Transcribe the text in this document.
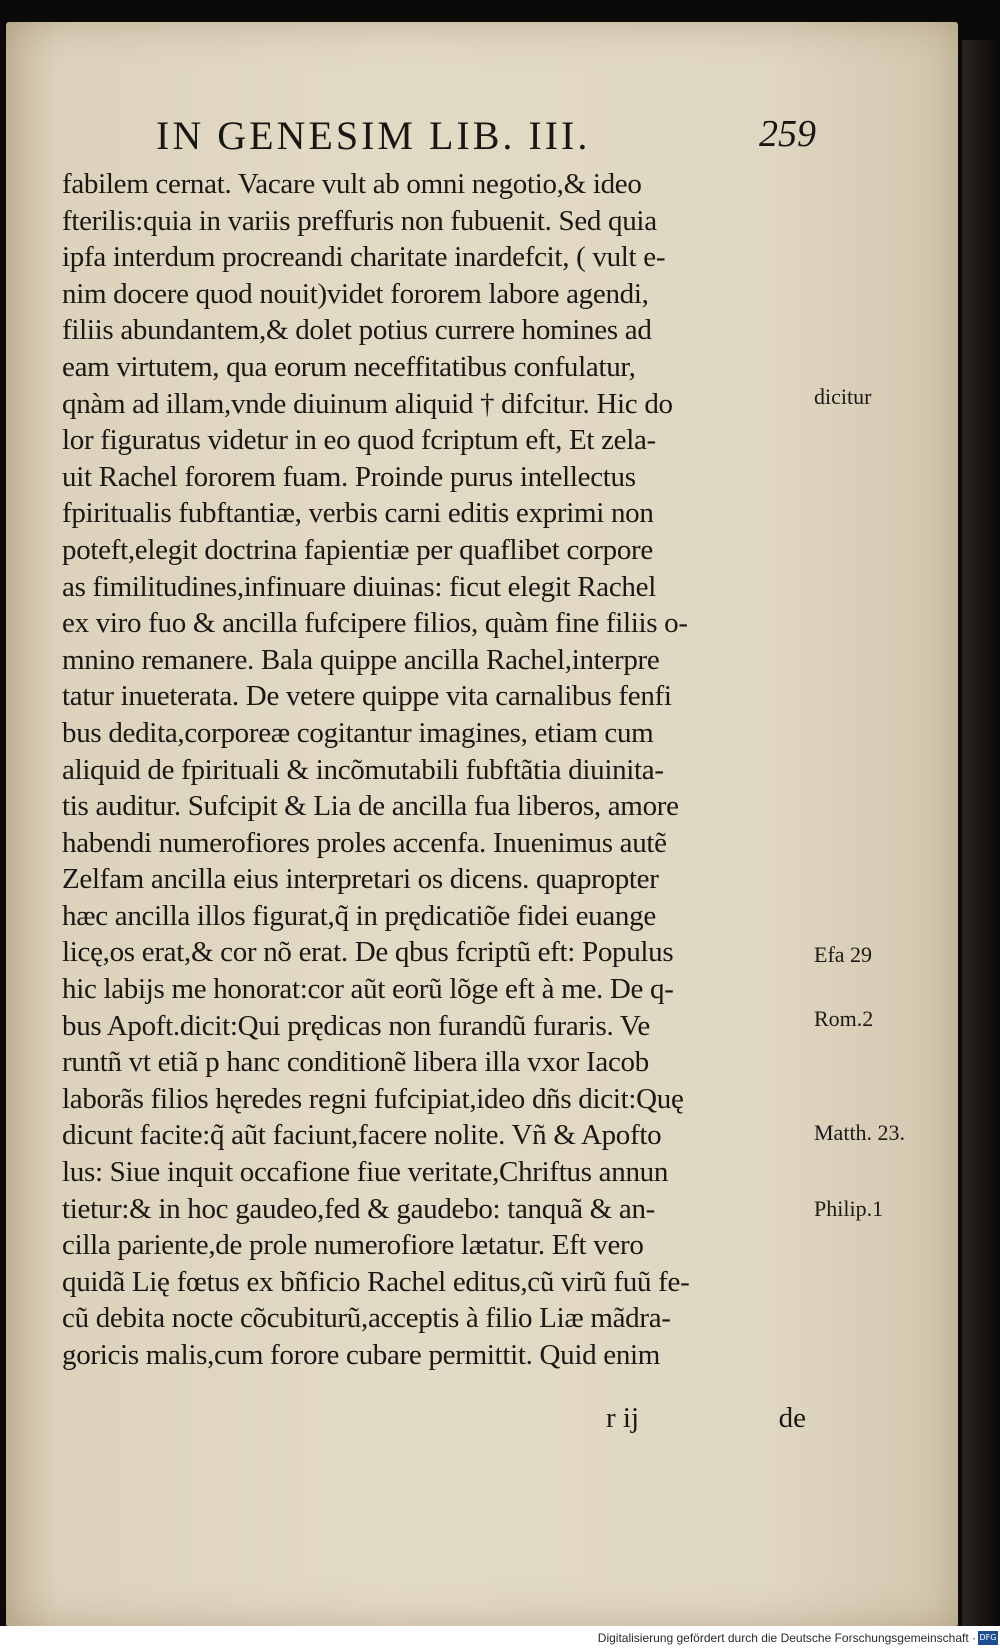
IN GENESIM LIB. III.	259
fabilem cernat. Vacare vult ab omni negotio,& ideo
fterilis:quia in variis preffuris non fubuenit. Sed quia
ipfa interdum procreandi charitate inardefcit, ( vult e-
nim docere quod nouit)videt fororem labore agendi,
filiis abundantem,& dolet potius currere homines ad
eam virtutem, qua eorum neceffitatibus confulatur,
qnàm ad illam,vnde diuinum aliquid † difcitur. Hic do
lor figuratus videtur in eo quod fcriptum eft, Et zela-
uit Rachel fororem fuam. Proinde purus intellectus
fpiritualis fubftantiæ, verbis carni editis exprimi non
poteft,elegit doctrina fapientiæ per quaflibet corpore
as fimilitudines,infinuare diuinas: ficut elegit Rachel
ex viro fuo & ancilla fufcipere filios, quàm fine filiis o-
mnino remanere. Bala quippe ancilla Rachel,interpre
tatur inueterata. De vetere quippe vita carnalibus fenfi
bus dedita,corporeæ cogitantur imagines, etiam cum
aliquid de fpirituali & incõmutabili fubftãtia diuinita-
tis auditur. Sufcipit & Lia de ancilla fua liberos, amore
habendi numerofiores proles accenfa. Inuenimus autẽ
Zelfam ancilla eius interpretari os dicens. quapropter
hæc ancilla illos figurat,q̃ in prędicatiõe fidei euange
licę,os erat,& cor nõ erat. De qbus fcriptũ eft: Populus
hic labijs me honorat:cor aũt eorũ lõge eft à me. De q-
bus Apoft.dicit:Qui prędicas non furandũ furaris. Ve
runtñ vt etiã p hanc conditionẽ libera illa vxor Iacob
laborãs filios hęredes regni fufcipiat,ideo dñs dicit:Quę
dicunt facite:q̃ aũt faciunt,facere nolite. Vñ & Apofto
lus: Siue inquit occafione fiue veritate,Chriftus annun
tietur:& in hoc gaudeo,fed & gaudebo: tanquã & an-
cilla pariente,de prole numerofiore lætatur. Eft vero
quidã Lię fœtus ex bñficio Rachel editus,cũ virũ fuũ fe-
cũ debita nocte cõcubiturũ,acceptis à filio Liæ mãdra-
goricis malis,cum forore cubare permittit. Quid enim
r ij	de
dicitur
Efa 29
Rom.2
Matth. 23.
Philip.1
Digitalisierung gefördert durch die Deutsche Forschungsgemeinschaft · DFG
